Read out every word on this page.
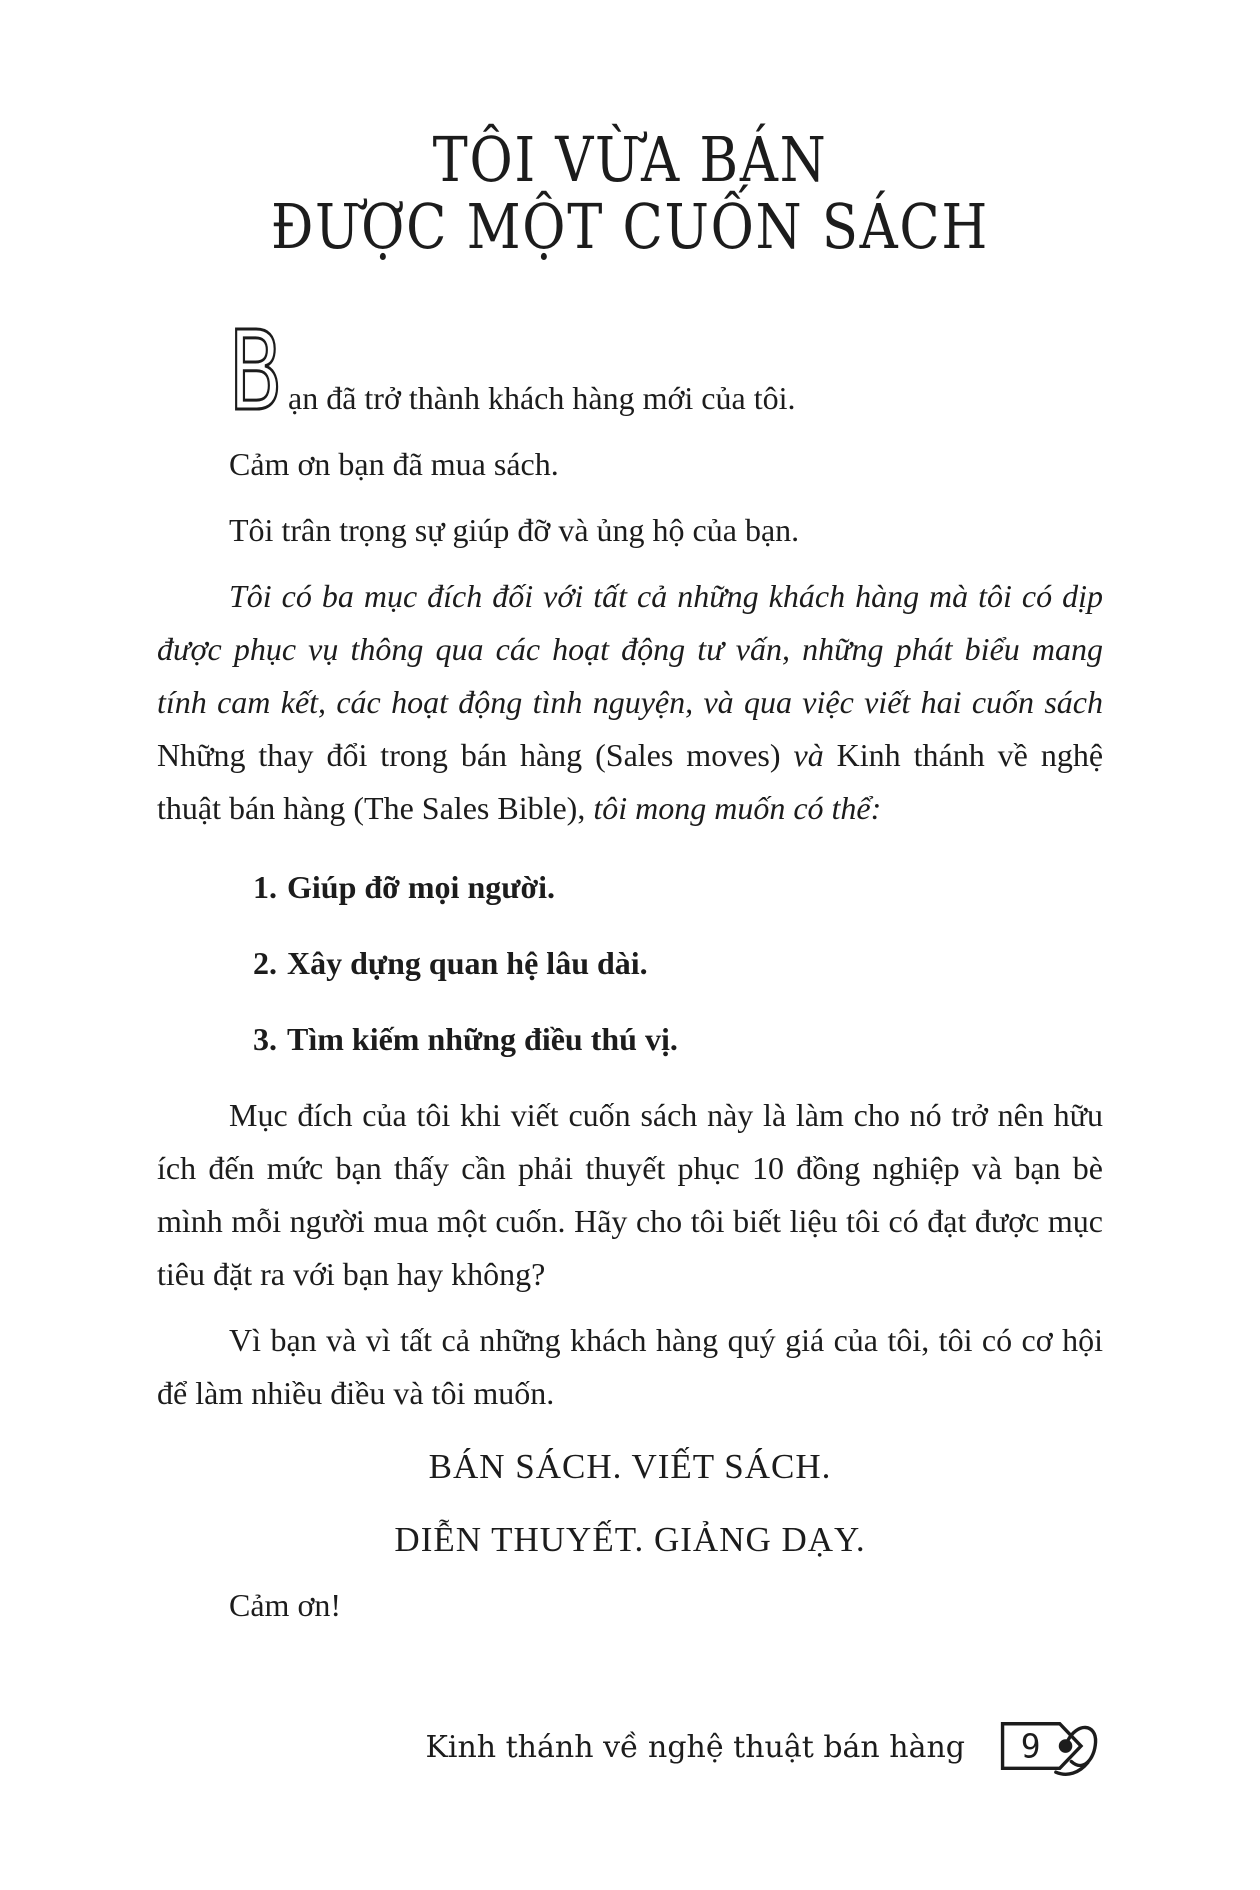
TÔI VỪA BÁN
ĐƯỢC MỘT CUỐN SÁCH

B ạn đã trở thành khách hàng mới của tôi.

Cảm ơn bạn đã mua sách.

Tôi trân trọng sự giúp đỡ và ủng hộ của bạn.

Tôi có ba mục đích đối với tất cả những khách hàng mà tôi có dịp được phục vụ thông qua các hoạt động tư vấn, những phát biểu mang tính cam kết, các hoạt động tình nguyện, và qua việc viết hai cuốn sách Những thay đổi trong bán hàng (Sales moves) và Kinh thánh về nghệ thuật bán hàng (The Sales Bible), tôi mong muốn có thể:

1. Giúp đỡ mọi người.
2. Xây dựng quan hệ lâu dài.
3. Tìm kiếm những điều thú vị.

Mục đích của tôi khi viết cuốn sách này là làm cho nó trở nên hữu ích đến mức bạn thấy cần phải thuyết phục 10 đồng nghiệp và bạn bè mình mỗi người mua một cuốn. Hãy cho tôi biết liệu tôi có đạt được mục tiêu đặt ra với bạn hay không?

Vì bạn và vì tất cả những khách hàng quý giá của tôi, tôi có cơ hội để làm nhiều điều và tôi muốn.

BÁN SÁCH. VIẾT SÁCH.

DIỄN THUYẾT. GIẢNG DẠY.

Cảm ơn!

Kinh thánh về nghệ thuật bán hàng 9
